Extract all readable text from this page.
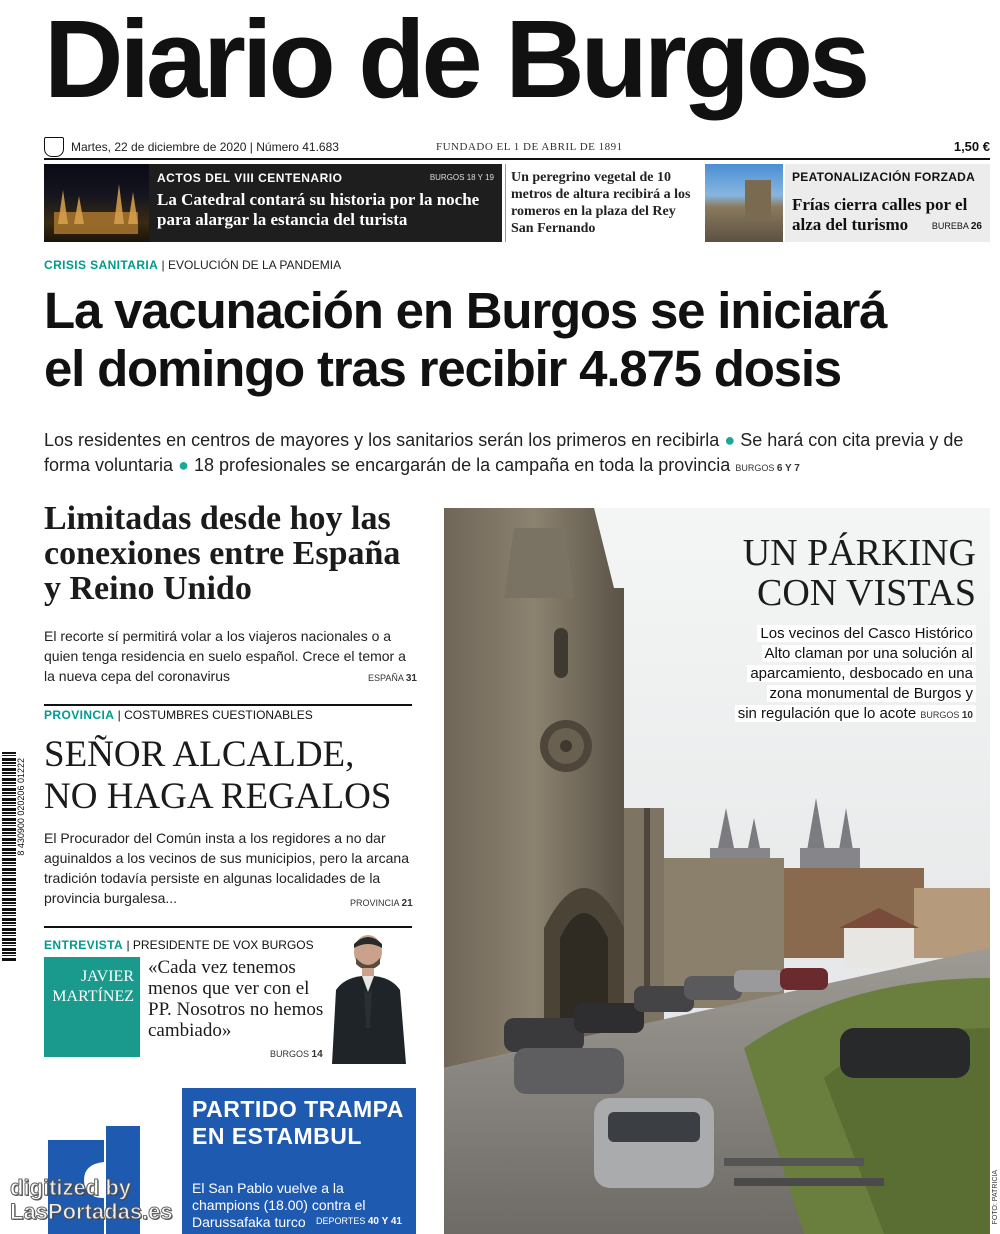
Diario de Burgos
Martes, 22 de diciembre de 2020 | Número 41.683	FUNDADO EL 1 DE ABRIL DE 1891	1,50 €
ACTOS DEL VIII CENTENARIO	BURGOS 18 Y 19
La Catedral contará su historia por la noche para alargar la estancia del turista
Un peregrino vegetal de 10 metros de altura recibirá a los romeros en la plaza del Rey San Fernando
PEATONALIZACIÓN FORZADA
Frías cierra calles por el alza del turismo	BUREBA 26
CRISIS SANITARIA | EVOLUCIÓN DE LA PANDEMIA
La vacunación en Burgos se iniciará
el domingo tras recibir 4.875 dosis
Los residentes en centros de mayores y los sanitarios serán los primeros en recibirla ● Se hará con cita previa y de forma voluntaria ● 18 profesionales se encargarán de la campaña en toda la provincia BURGOS 6 Y 7
Limitadas desde hoy las conexiones entre España y Reino Unido
El recorte sí permitirá volar a los viajeros nacionales o a quien tenga residencia en suelo español. Crece el temor a la nueva cepa del coronavirus	ESPAÑA 31
PROVINCIA | COSTUMBRES CUESTIONABLES
SEÑOR ALCALDE,
NO HAGA REGALOS
El Procurador del Común insta a los regidores a no dar aguinaldos a los vecinos de sus municipios, pero la arcana tradición todavía persiste en algunas localidades de la provincia burgalesa...	PROVINCIA 21
ENTREVISTA | PRESIDENTE DE VOX BURGOS
JAVIER MARTÍNEZ
«Cada vez tenemos menos que ver con el PP. Nosotros no hemos cambiado»
BURGOS 14
8 430900 020206 01222
PARTIDO TRAMPA EN ESTAMBUL
El San Pablo vuelve a la champions (18.00) contra el Darussafaka turco	DEPORTES 40 Y 41
digitized by
LasPortadas.es	FOTO: PATRICIA
UN PÁRKING CON VISTAS
Los vecinos del Casco Histórico
Alto claman por una solución al
aparcamiento, desbocado en una
zona monumental de Burgos y
sin regulación que lo acote BURGOS 10
